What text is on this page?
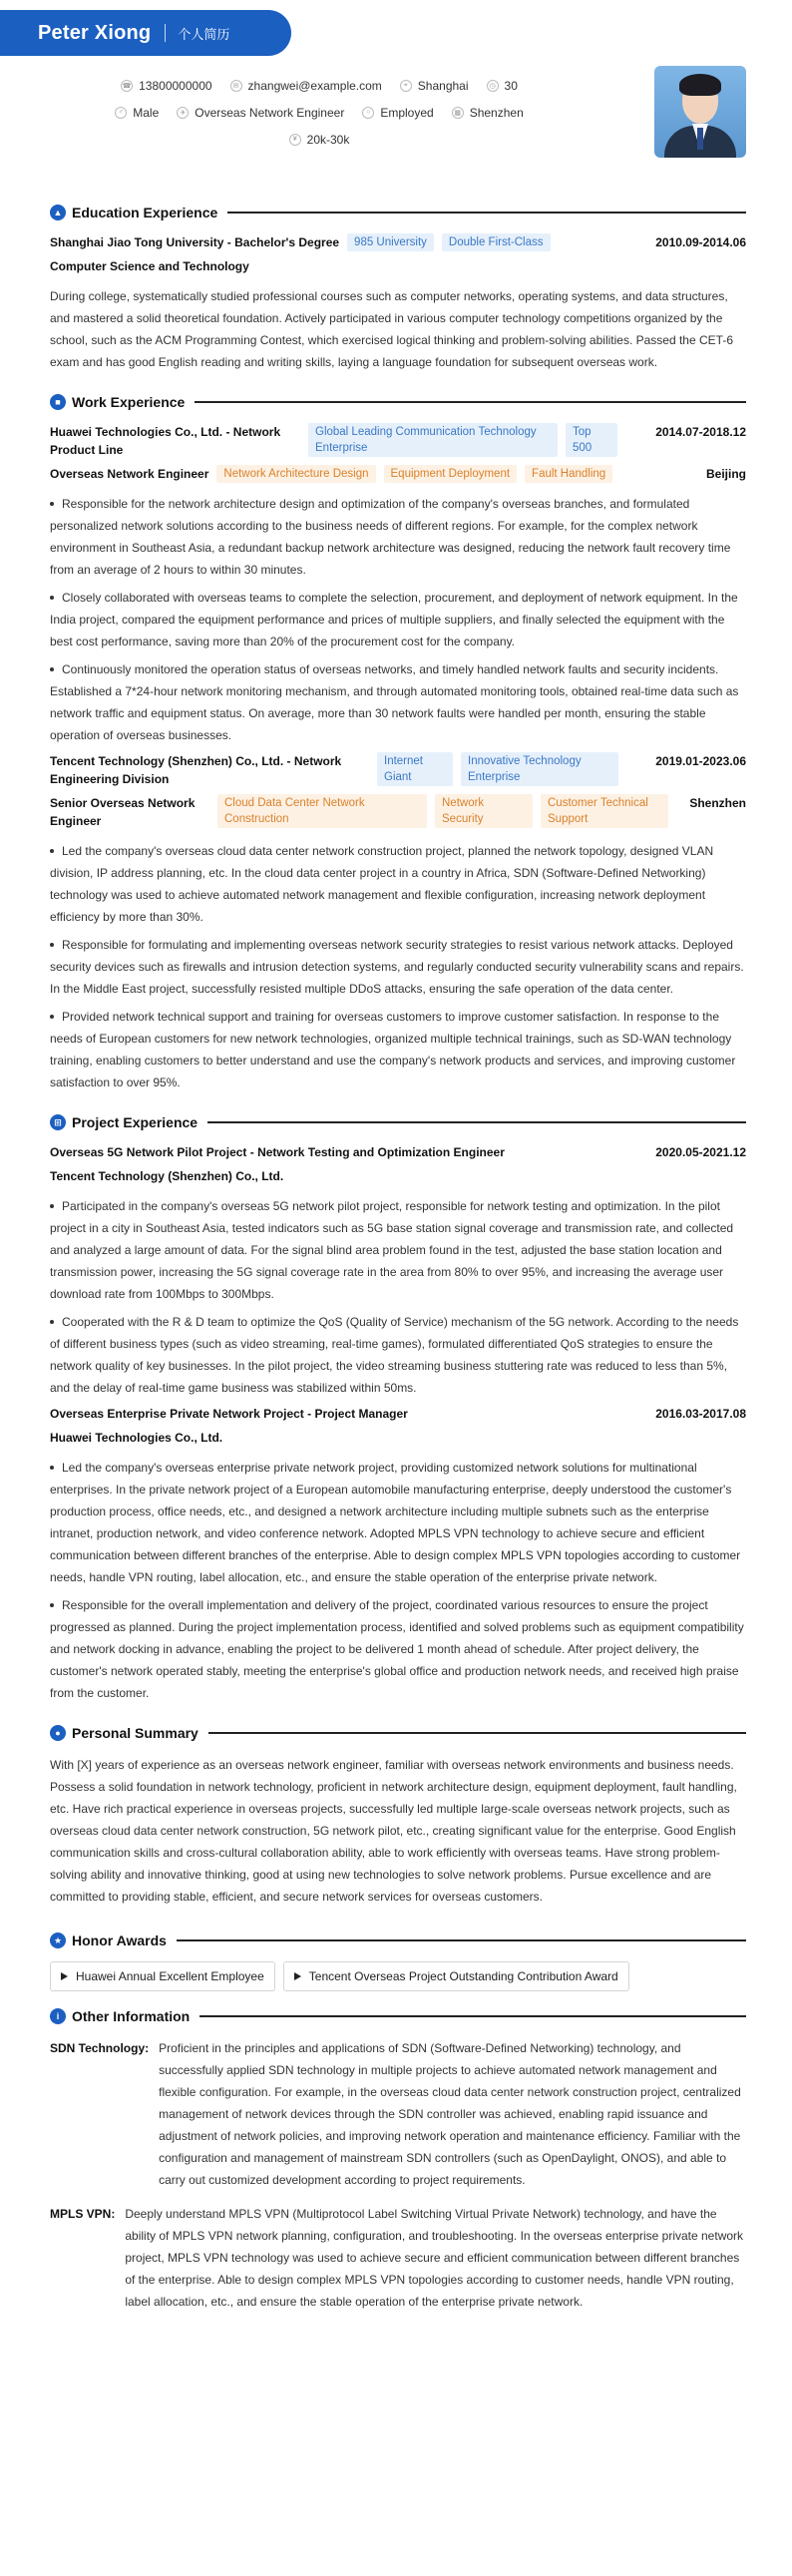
Peter Xiong 个人简历
☎ 13800000000	✉ zhangwei@example.com	⌖ Shanghai	◷ 30
♂ Male	✈ Overseas Network Engineer	○ Employed	▦ Shenzhen
¥ 20k-30k
▲ Education Experience
Shanghai Jiao Tong University - Bachelor's Degree	985 University	Double First-Class	2010.09-2014.06
Computer Science and Technology
During college, systematically studied professional courses such as computer networks, operating systems, and data structures, and mastered a solid theoretical foundation. Actively participated in various computer technology competitions organized by the school, such as the ACM Programming Contest, which exercised logical thinking and problem-solving abilities. Passed the CET-6 exam and has good English reading and writing skills, laying a language foundation for subsequent overseas work.
■ Work Experience
Huawei Technologies Co., Ltd. - Network Product Line
Global Leading Communication Technology Enterprise
Top 500
2014.07-2018.12
Overseas Network Engineer	Network Architecture Design	Equipment Deployment	Fault Handling	Beijing
Responsible for the network architecture design and optimization of the company's overseas branches, and formulated personalized network solutions according to the business needs of different regions. For example, for the complex network environment in Southeast Asia, a redundant backup network architecture was designed, reducing the network fault recovery time from an average of 2 hours to within 30 minutes.
Closely collaborated with overseas teams to complete the selection, procurement, and deployment of network equipment. In the India project, compared the equipment performance and prices of multiple suppliers, and finally selected the equipment with the best cost performance, saving more than 20% of the procurement cost for the company.
Continuously monitored the operation status of overseas networks, and timely handled network faults and security incidents. Established a 7*24-hour network monitoring mechanism, and through automated monitoring tools, obtained real-time data such as network traffic and equipment status. On average, more than 30 network faults were handled per month, ensuring the stable operation of overseas businesses.
Tencent Technology (Shenzhen) Co., Ltd. - Network Engineering Division
Internet Giant
Innovative Technology Enterprise
2019.01-2023.06
Senior Overseas Network Engineer
Cloud Data Center Network Construction
Network Security
Customer Technical Support
Shenzhen
Led the company's overseas cloud data center network construction project, planned the network topology, designed VLAN division, IP address planning, etc. In the cloud data center project in a country in Africa, SDN (Software-Defined Networking) technology was used to achieve automated network management and flexible configuration, increasing network deployment efficiency by more than 30%.
Responsible for formulating and implementing overseas network security strategies to resist various network attacks. Deployed security devices such as firewalls and intrusion detection systems, and regularly conducted security vulnerability scans and repairs. In the Middle East project, successfully resisted multiple DDoS attacks, ensuring the safe operation of the data center.
Provided network technical support and training for overseas customers to improve customer satisfaction. In response to the needs of European customers for new network technologies, organized multiple technical trainings, such as SD-WAN technology training, enabling customers to better understand and use the company's network products and services, and improving customer satisfaction to over 95%.
⊞ Project Experience
Overseas 5G Network Pilot Project - Network Testing and Optimization Engineer	2020.05-2021.12
Tencent Technology (Shenzhen) Co., Ltd.
Participated in the company's overseas 5G network pilot project, responsible for network testing and optimization. In the pilot project in a city in Southeast Asia, tested indicators such as 5G base station signal coverage and transmission rate, and collected and analyzed a large amount of data. For the signal blind area problem found in the test, adjusted the base station location and transmission power, increasing the 5G signal coverage rate in the area from 80% to over 95%, and increasing the average user download rate from 100Mbps to 300Mbps.
Cooperated with the R & D team to optimize the QoS (Quality of Service) mechanism of the 5G network. According to the needs of different business types (such as video streaming, real-time games), formulated differentiated QoS strategies to ensure the network quality of key businesses. In the pilot project, the video streaming business stuttering rate was reduced to less than 5%, and the delay of real-time game business was stabilized within 50ms.
Overseas Enterprise Private Network Project - Project Manager	2016.03-2017.08
Huawei Technologies Co., Ltd.
Led the company's overseas enterprise private network project, providing customized network solutions for multinational enterprises. In the private network project of a European automobile manufacturing enterprise, deeply understood the customer's production process, office needs, etc., and designed a network architecture including multiple subnets such as the enterprise intranet, production network, and video conference network. Adopted MPLS VPN technology to achieve secure and efficient communication between different branches of the enterprise. Able to design complex MPLS VPN topologies according to customer needs, handle VPN routing, label allocation, etc., and ensure the stable operation of the enterprise private network.
Responsible for the overall implementation and delivery of the project, coordinated various resources to ensure the project progressed as planned. During the project implementation process, identified and solved problems such as equipment compatibility and network docking in advance, enabling the project to be delivered 1 month ahead of schedule. After project delivery, the customer's network operated stably, meeting the enterprise's global office and production network needs, and received high praise from the customer.
● Personal Summary
With [X] years of experience as an overseas network engineer, familiar with overseas network environments and business needs. Possess a solid foundation in network technology, proficient in network architecture design, equipment deployment, fault handling, etc. Have rich practical experience in overseas projects, successfully led multiple large-scale overseas network projects, such as overseas cloud data center network construction, 5G network pilot, etc., creating significant value for the enterprise. Good English communication skills and cross-cultural collaboration ability, able to work efficiently with overseas teams. Have strong problem-solving ability and innovative thinking, good at using new technologies to solve network problems. Pursue excellence and are committed to providing stable, efficient, and secure network services for overseas customers.
★ Honor Awards
Huawei Annual Excellent Employee	Tencent Overseas Project Outstanding Contribution Award
i Other Information
SDN Technology: Proficient in the principles and applications of SDN (Software-Defined Networking) technology, and successfully applied SDN technology in multiple projects to achieve automated network management and flexible configuration. For example, in the overseas cloud data center network construction project, centralized management of network devices through the SDN controller was achieved, enabling rapid issuance and adjustment of network policies, and improving network operation and maintenance efficiency. Familiar with the configuration and management of mainstream SDN controllers (such as OpenDaylight, ONOS), and able to carry out customized development according to project requirements.
MPLS VPN: Deeply understand MPLS VPN (Multiprotocol Label Switching Virtual Private Network) technology, and have the ability of MPLS VPN network planning, configuration, and troubleshooting. In the overseas enterprise private network project, MPLS VPN technology was used to achieve secure and efficient communication between different branches of the enterprise. Able to design complex MPLS VPN topologies according to customer needs, handle VPN routing, label allocation, etc., and ensure the stable operation of the enterprise private network.
